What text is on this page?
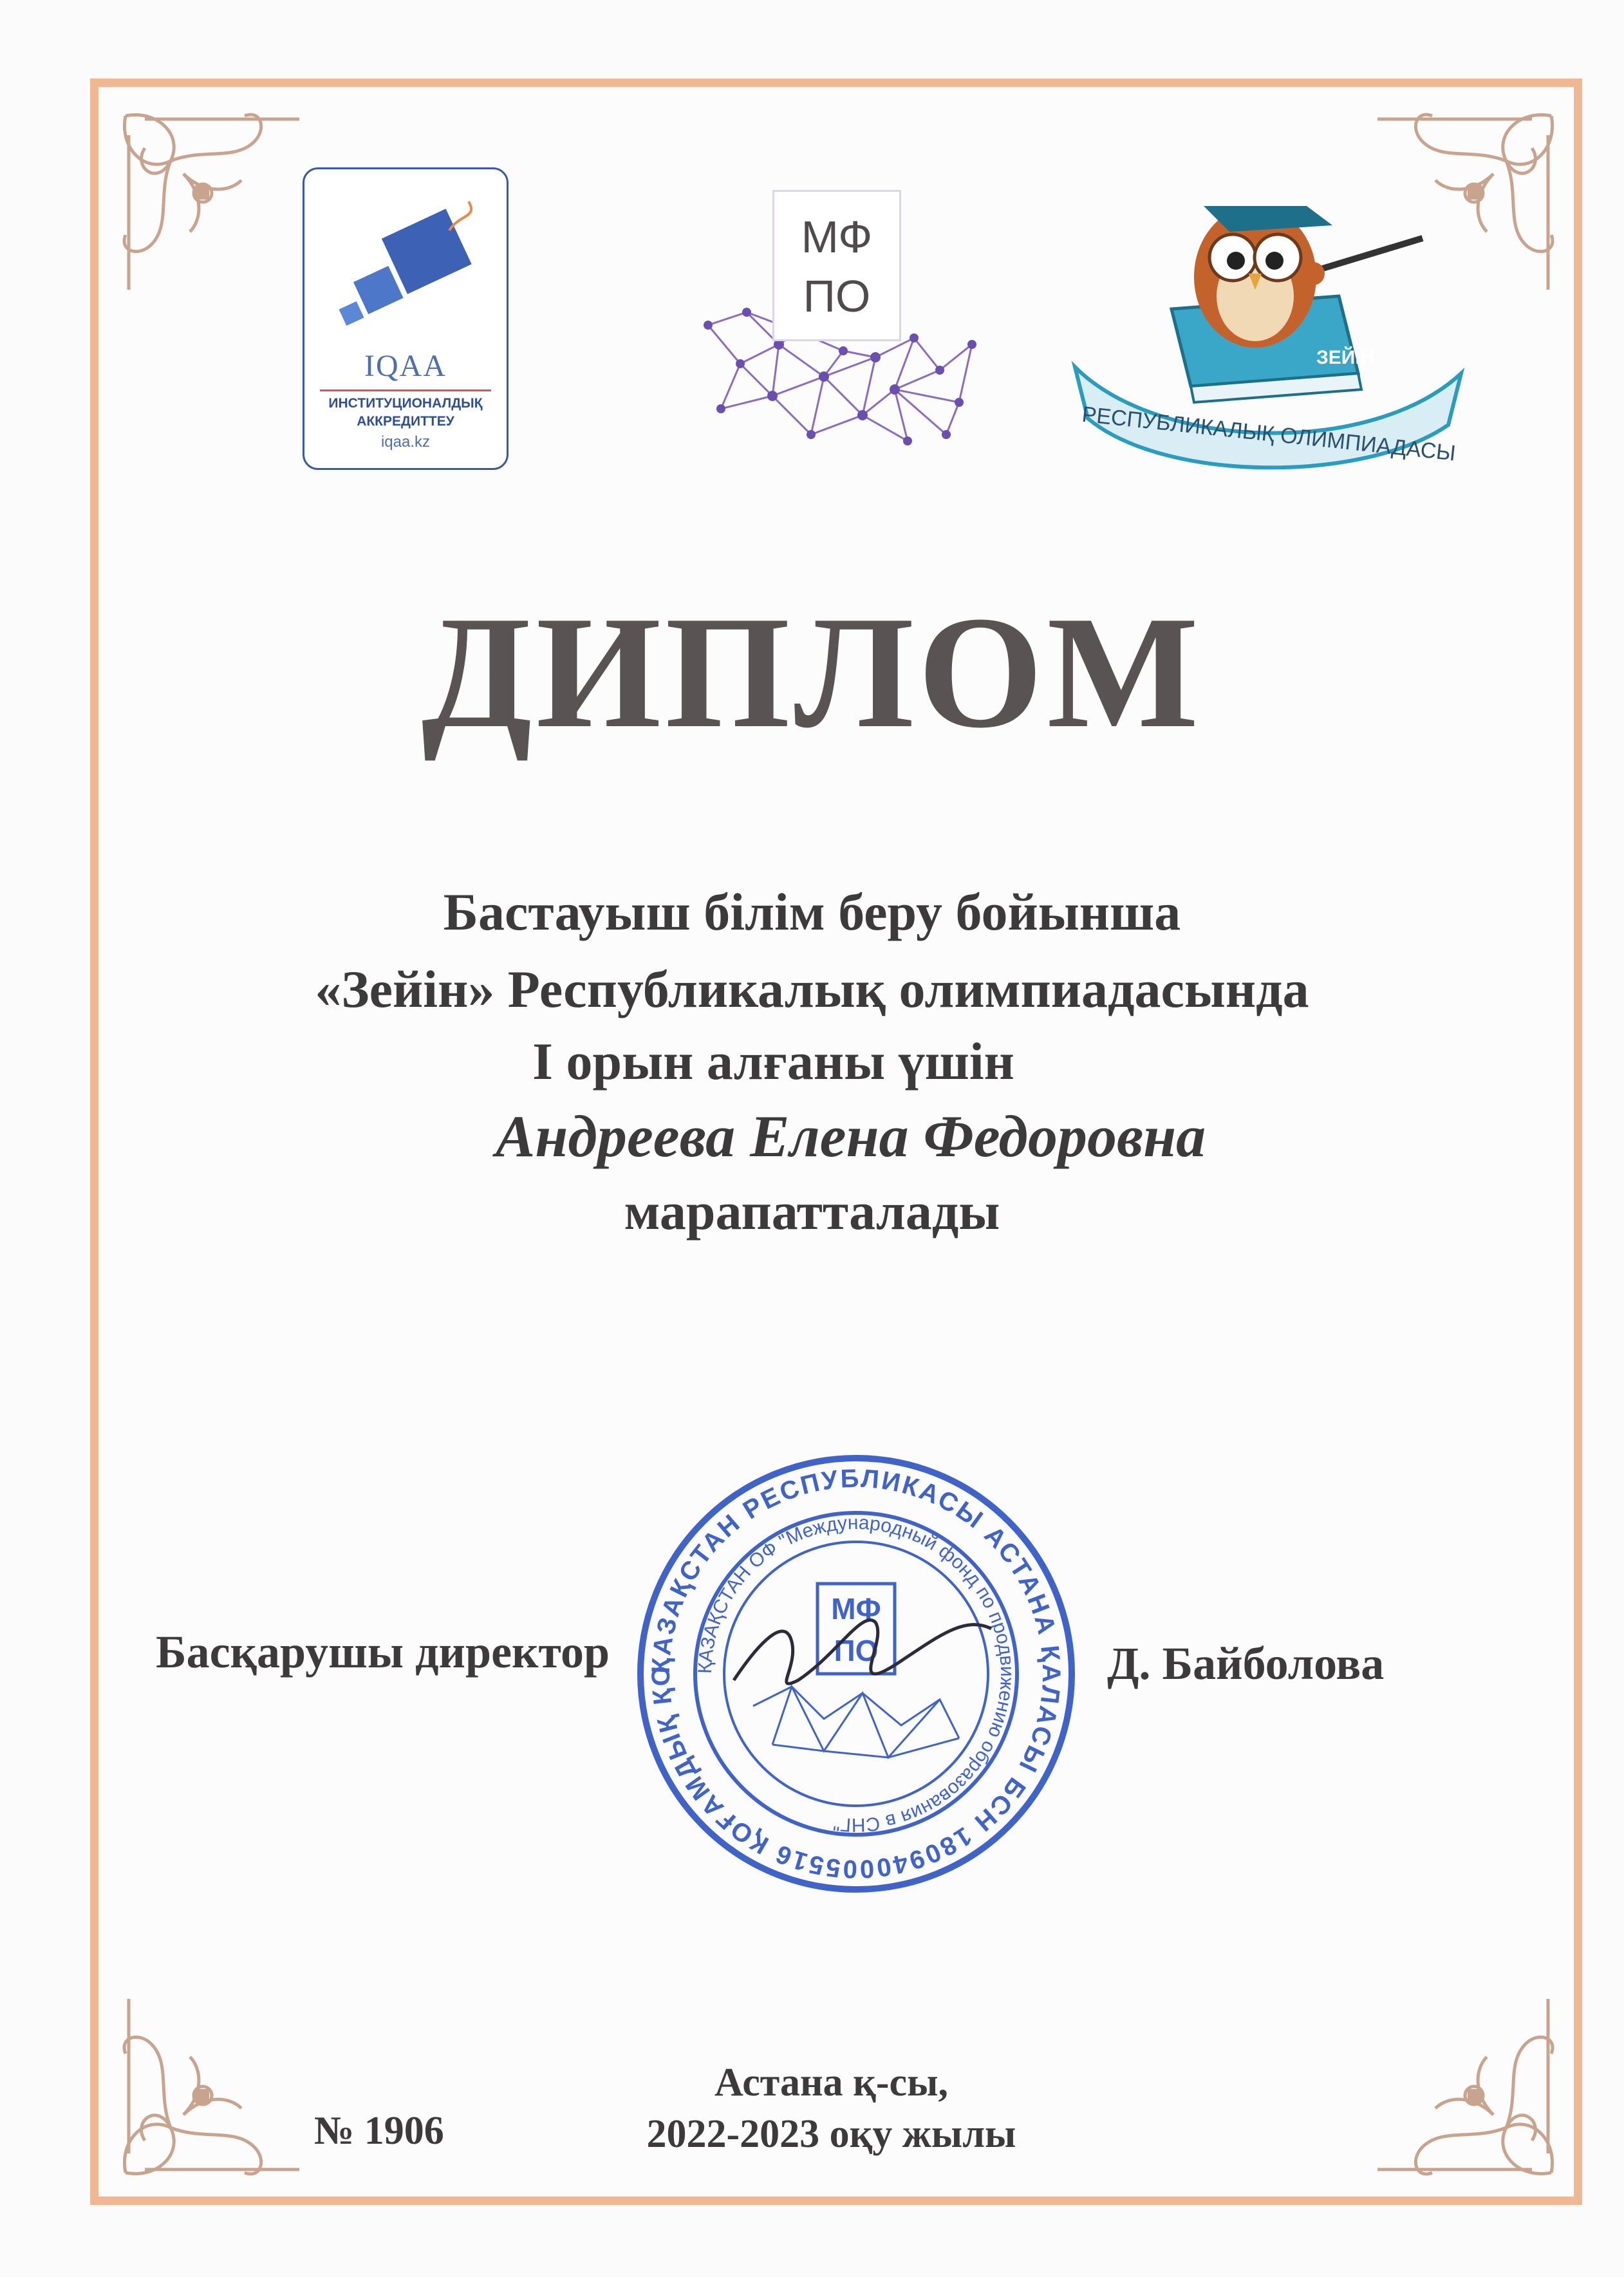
IQAA
ИНСТИТУЦИОНАЛДЫҚ
АККРЕДИТТЕУ
iqaa.kz
МФ
ПО
РЕСПУБЛИКАЛЫҚ ОЛИМПИАДАСЫ
ЗЕЙІН
ДИПЛОМ
Бастауыш білім беру бойынша
«Зейін» Республикалық олимпиадасында
I орын алғаны үшін
Андреева Елена Федоровна
марапатталады
Басқарушы директор	ҚАЗАҚСТАН РЕСПУБЛИКАСЫ АСТАНА ҚАЛАСЫ БСН 180940005516 ҚОҒАМДЫҚ ҚО ҚАЗАҚСТАН ОФ "Международный фонд по продвижению образования в СНГ"
МФ
ПО	Д. Байболова
№ 1906
Астана қ-сы,
2022-2023 оқу жылы
